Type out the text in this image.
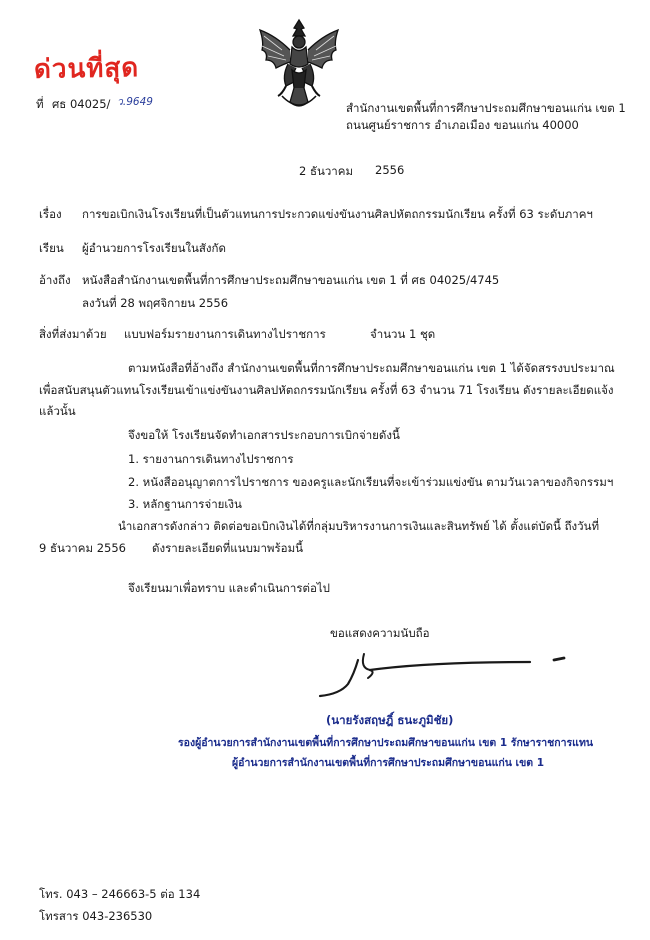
ด่วนที่สุด
ที่ ศธ 04025/ ว.9649	สำนักงานเขตพื้นที่การศึกษาประถมศึกษาขอนแก่น เขต 1
ถนนศูนย์ราชการ อำเภอเมือง ขอนแก่น 40000
2 ธันวาคม 2556
เรื่อง การขอเบิกเงินโรงเรียนที่เป็นตัวแทนการประกวดแข่งขันงานศิลปหัตถกรรมนักเรียน ครั้งที่ 63 ระดับภาคฯ
เรียน ผู้อำนวยการโรงเรียนในสังกัด
อ้างถึง หนังสือสำนักงานเขตพื้นที่การศึกษาประถมศึกษาขอนแก่น เขต 1 ที่ ศธ 04025/4745
ลงวันที่ 28 พฤศจิกายน 2556
สิ่งที่ส่งมาด้วย แบบฟอร์มรายงานการเดินทางไปราชการ	จำนวน 1 ชุด
ตามหนังสือที่อ้างถึง สำนักงานเขตพื้นที่การศึกษาประถมศึกษาขอนแก่น เขต 1 ได้จัดสรรงบประมาณ
เพื่อสนับสนุนตัวแทนโรงเรียนเข้าแข่งขันงานศิลปหัตถกรรมนักเรียน ครั้งที่ 63 จำนวน 71 โรงเรียน ดังรายละเอียดแจ้ง
แล้วนั้น
จึงขอให้ โรงเรียนจัดทำเอกสารประกอบการเบิกจ่ายดังนี้
1. รายงานการเดินทางไปราชการ
2. หนังสืออนุญาตการไปราชการ ของครูและนักเรียนที่จะเข้าร่วมแข่งขัน ตามวันเวลาของกิจกรรมฯ
3. หลักฐานการจ่ายเงิน
นำเอกสารดังกล่าว ติดต่อขอเบิกเงินได้ที่กลุ่มบริหารงานการเงินและสินทรัพย์ ได้ ตั้งแต่บัดนี้ ถึงวันที่
9 ธันวาคม 2556 ดังรายละเอียดที่แนบมาพร้อมนี้
จึงเรียนมาเพื่อทราบ และดำเนินการต่อไป
ขอแสดงความนับถือ
(นายรังสฤษฎิ์ ธนะภูมิชัย)
รองผู้อำนวยการสำนักงานเขตพื้นที่การศึกษาประถมศึกษาขอนแก่น เขต 1 รักษาราชการแทน
ผู้อำนวยการสำนักงานเขตพื้นที่การศึกษาประถมศึกษาขอนแก่น เขต 1
โทร. 043 – 246663-5 ต่อ 134
โทรสาร 043-236530
